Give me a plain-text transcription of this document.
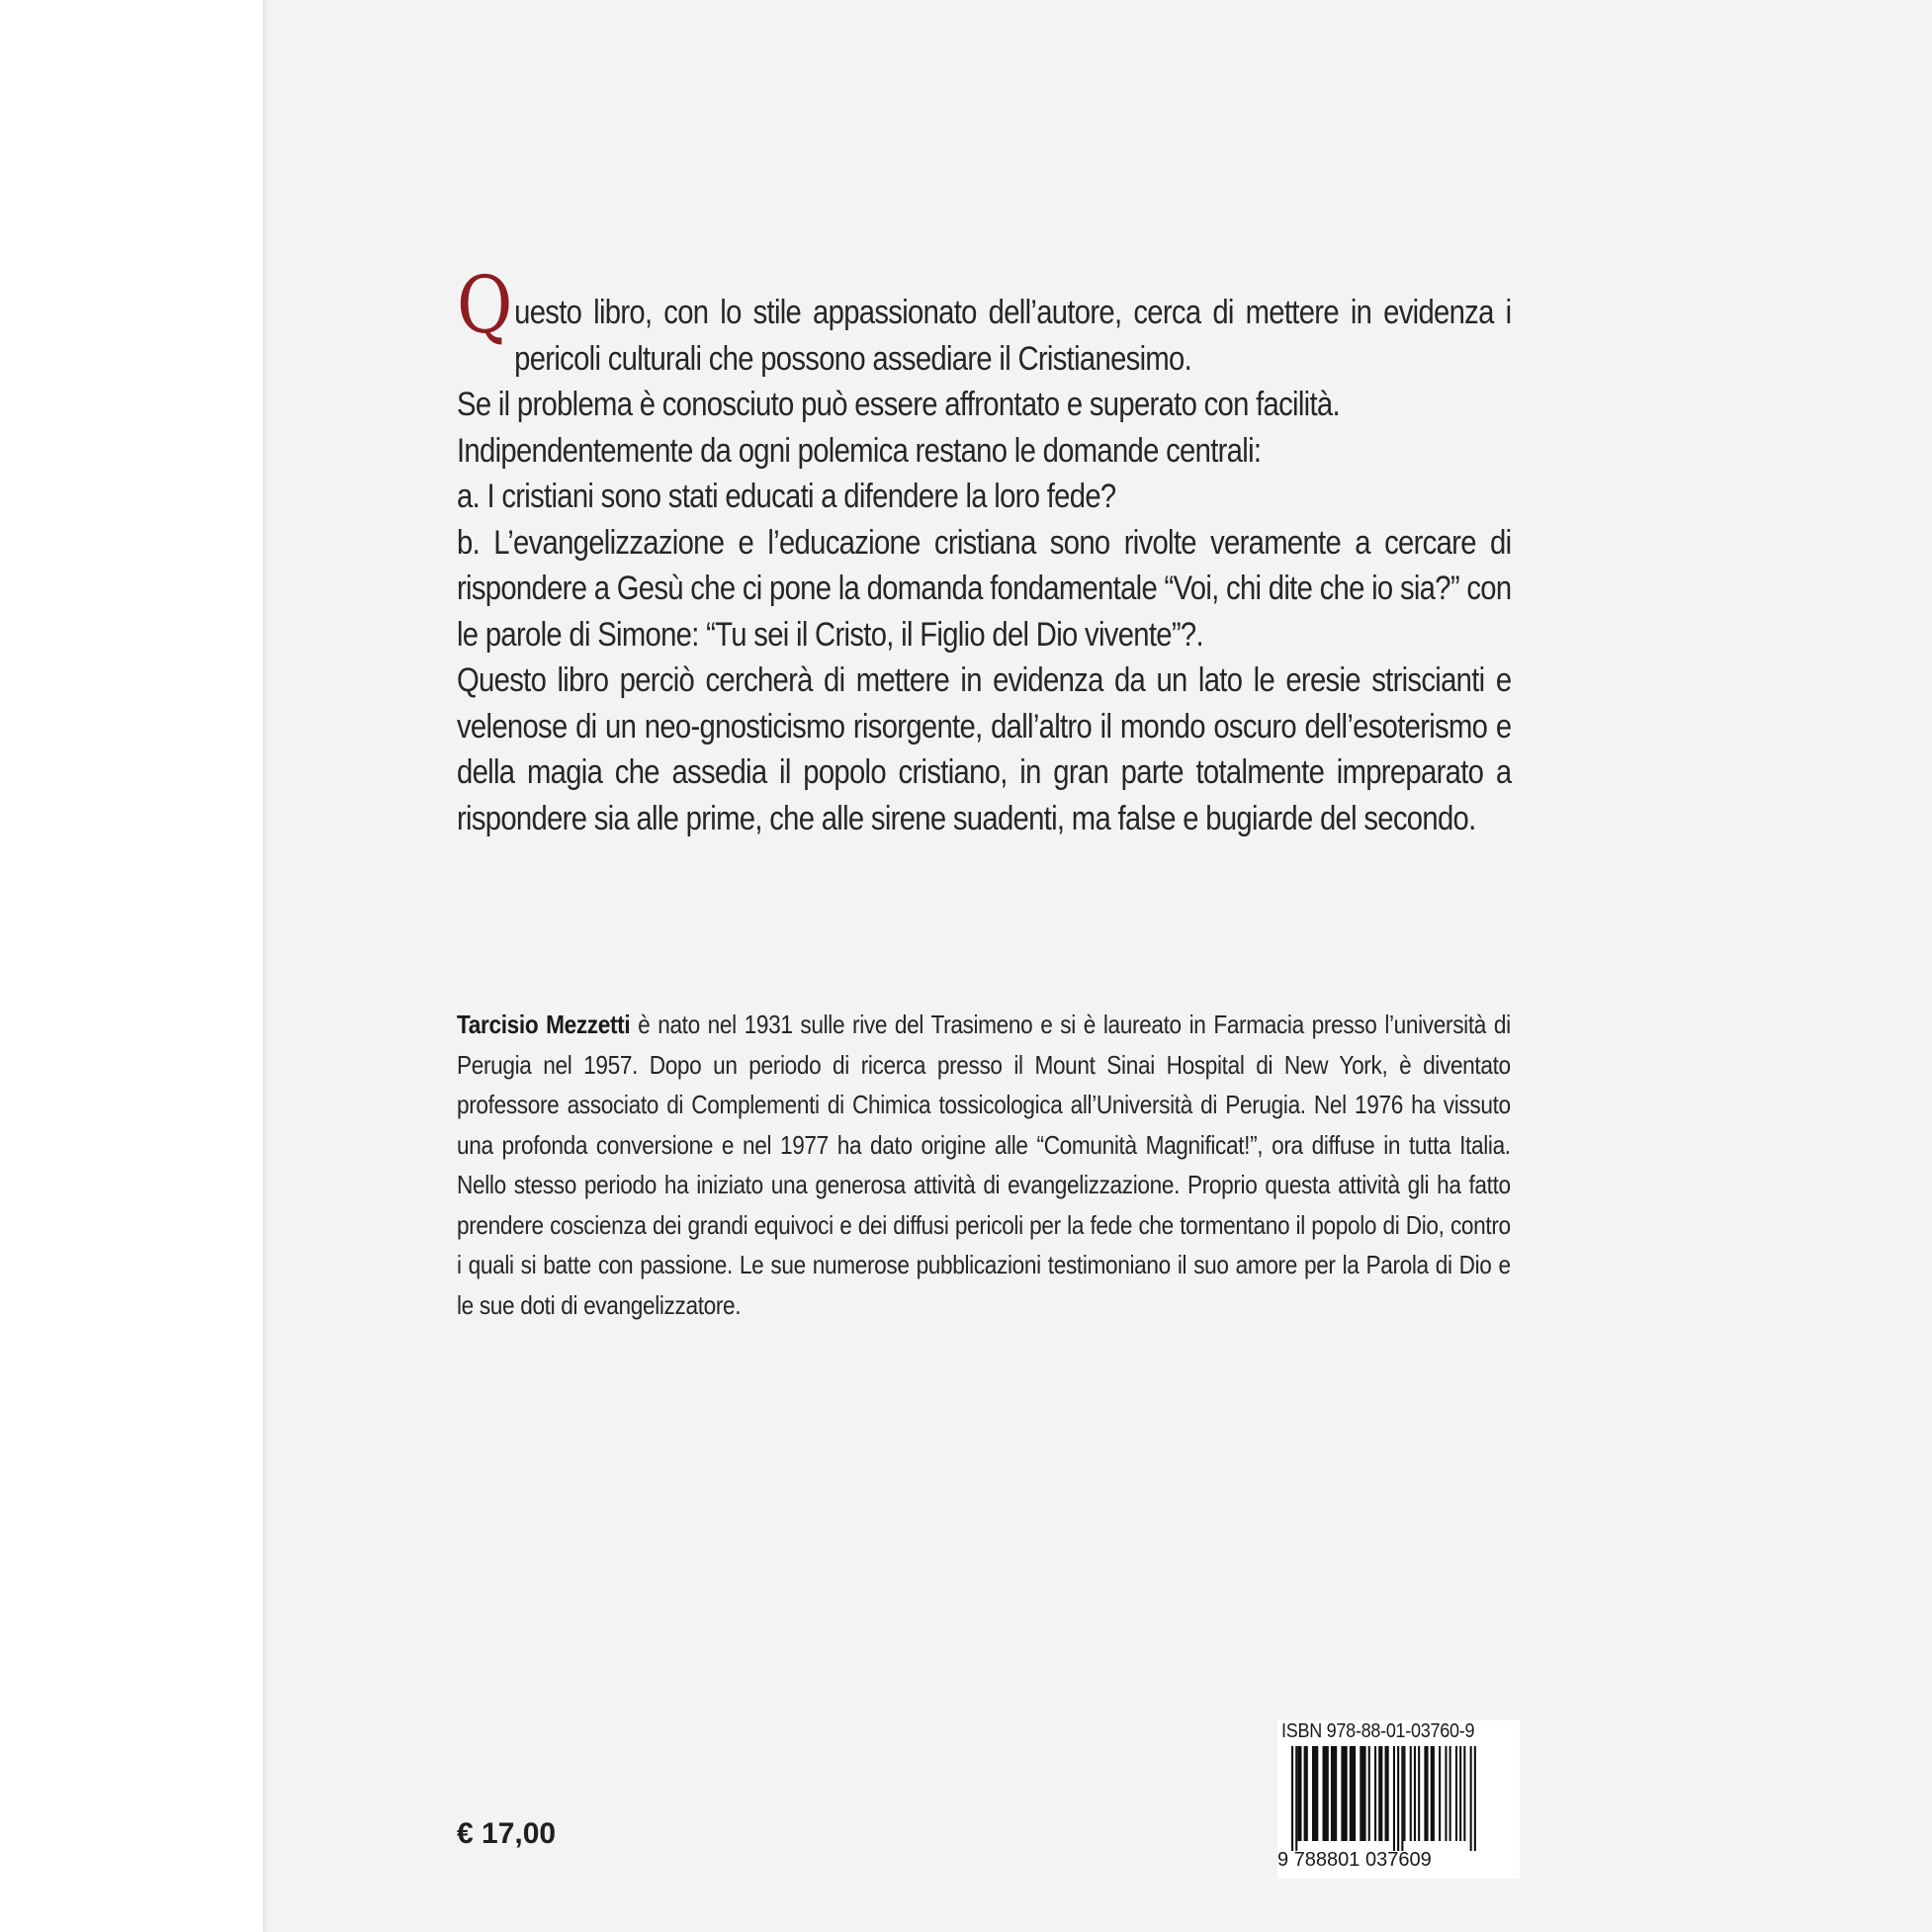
Questo libro, con lo stile appassionato dell’autore, cerca di mettere in evidenza i pericoli culturali che possono assediare il Cristianesimo.

Se il problema è conosciuto può essere affrontato e superato con facilità.

Indipendentemente da ogni polemica restano le domande centrali:

a. I cristiani sono stati educati a difendere la loro fede?

b. L’evangelizzazione e l’educazione cristiana sono rivolte veramente a cercare di rispondere a Gesù che ci pone la domanda fondamentale “Voi, chi dite che io sia?” con le parole di Simone: “Tu sei il Cristo, il Figlio del Dio vivente”?.

Questo libro perciò cercherà di mettere in evidenza da un lato le eresie striscianti e velenose di un neo-gnosticismo risorgente, dall’altro il mondo oscuro dell’esoterismo e della magia che assedia il popolo cristiano, in gran parte totalmente impreparato a rispondere sia alle prime, che alle sirene suadenti, ma false e bugiarde del secondo.

Tarcisio Mezzetti è nato nel 1931 sulle rive del Trasimeno e si è laureato in Farmacia presso l’università di Perugia nel 1957. Dopo un periodo di ricerca presso il Mount Sinai Hospital di New York, è diventato professore associato di Complementi di Chimica tossicologica all’Università di Perugia. Nel 1976 ha vissuto una profonda conversione e nel 1977 ha dato origine alle “Comunità Magnificat!”, ora diffuse in tutta Italia. Nello stesso periodo ha iniziato una generosa attività di evangelizzazione. Proprio questa attività gli ha fatto prendere coscienza dei grandi equivoci e dei diffusi pericoli per la fede che tormentano il popolo di Dio, contro i quali si batte con passione. Le sue numerose pubblicazioni testimoniano il suo amore per la Parola di Dio e le sue doti di evangelizzatore.
€ 17,00
ISBN 978-88-01-03760-9
9 788801 037609
